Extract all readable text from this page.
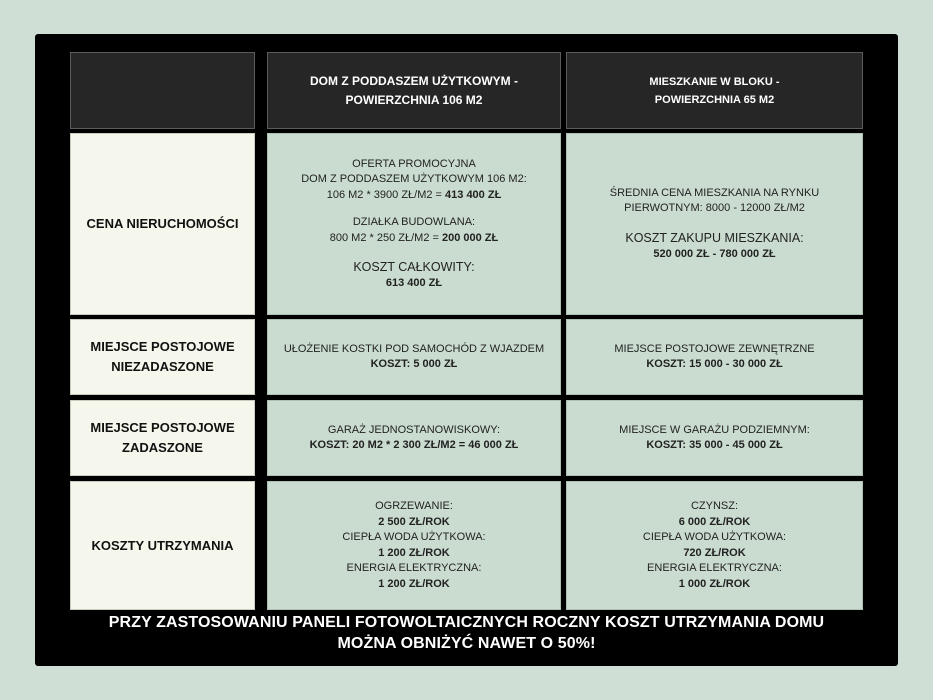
DOM Z PODDASZEM UŻYTKOWYM -
POWIERZCHNIA 106 M2
MIESZKANIE W BLOKU -
POWIERZCHNIA 65 M2
CENA NIERUCHOMOŚCI
OFERTA PROMOCYJNA
DOM Z PODDASZEM UŻYTKOWYM 106 M2:
106 M2 * 3900 ZŁ/M2 = 413 400 ZŁ
DZIAŁKA BUDOWLANA:
800 M2 * 250 ZŁ/M2 = 200 000 ZŁ
KOSZT CAŁKOWITY:
613 400 ZŁ
ŚREDNIA CENA MIESZKANIA NA RYNKU
PIERWOTNYM: 8000 - 12000 ZŁ/M2
KOSZT ZAKUPU MIESZKANIA:
520 000 ZŁ - 780 000 ZŁ
MIEJSCE POSTOJOWE
NIEZADASZONE
UŁOŻENIE KOSTKI POD SAMOCHÓD Z WJAZDEM
KOSZT: 5 000 ZŁ
MIEJSCE POSTOJOWE ZEWNĘTRZNE
KOSZT: 15 000 - 30 000 ZŁ
MIEJSCE POSTOJOWE
ZADASZONE
GARAŻ JEDNOSTANOWISKOWY:
KOSZT: 20 M2 * 2 300 ZŁ/M2 = 46 000 ZŁ
MIEJSCE W GARAŻU PODZIEMNYM:
KOSZT: 35 000 - 45 000 ZŁ
KOSZTY UTRZYMANIA
OGRZEWANIE:
2 500 ZŁ/ROK
CIEPŁA WODA UŻYTKOWA:
1 200 ZŁ/ROK
ENERGIA ELEKTRYCZNA:
1 200 ZŁ/ROK
CZYNSZ:
6 000 ZŁ/ROK
CIEPŁA WODA UŻYTKOWA:
720 ZŁ/ROK
ENERGIA ELEKTRYCZNA:
1 000 ZŁ/ROK
PRZY ZASTOSOWANIU PANELI FOTOWOLTAICZNYCH ROCZNY KOSZT UTRZYMANIA DOMU
MOŻNA OBNIŻYĆ NAWET O 50%!
